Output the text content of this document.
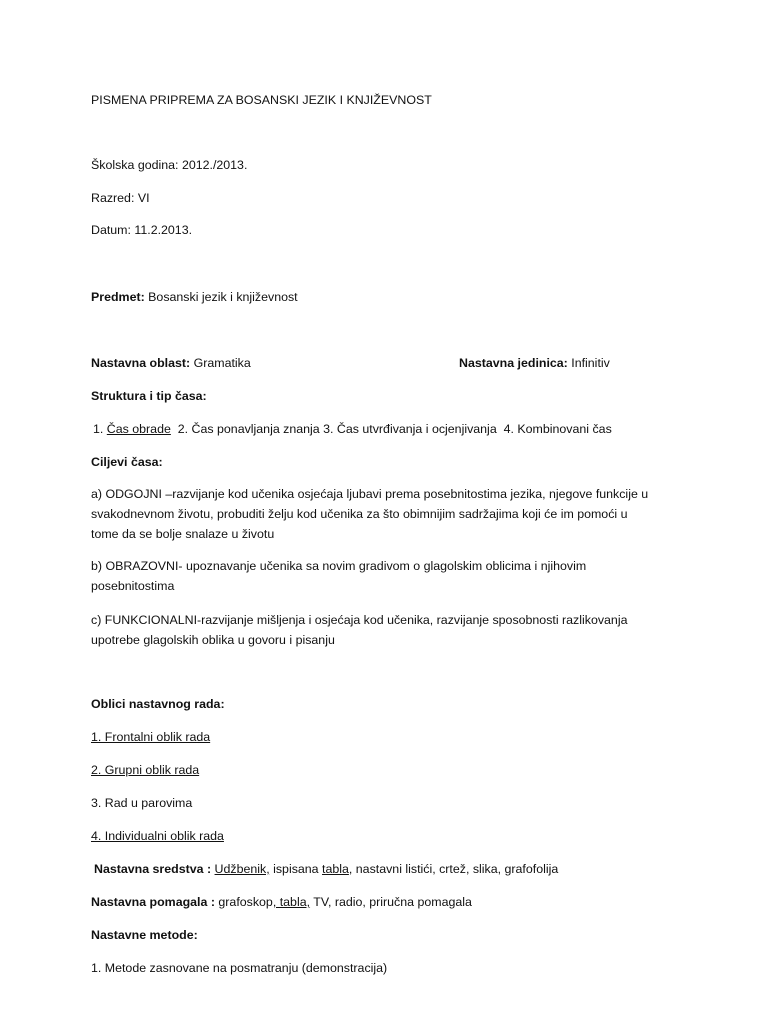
PISMENA PRIPREMA ZA BOSANSKI JEZIK I KNJIŽEVNOST
Školska godina: 2012./2013.
Razred: VI
Datum: 11.2.2013.
Predmet: Bosanski jezik i književnost
Nastavna oblast: Gramatika	Nastavna jedinica: Infinitiv
Struktura i tip časa:
1. Čas obrade 2. Čas ponavljanja znanja 3. Čas utvrđivanja i ocjenjivanja 4. Kombinovani čas
Ciljevi časa:
a) ODGOJNI –razvijanje kod učenika osjećaja ljubavi prema posebnitostima jezika, njegove funkcije u
svakodnevnom životu, probuditi želju kod učenika za što obimnijim sadržajima koji će im pomoći u
tome da se bolje snalaze u životu
b) OBRAZOVNI- upoznavanje učenika sa novim gradivom o glagolskim oblicima i njihovim
posebnitostima
c) FUNKCIONALNI-razvijanje mišljenja i osjećaja kod učenika, razvijanje sposobnosti razlikovanja
upotrebe glagolskih oblika u govoru i pisanju
Oblici nastavnog rada:
1. Frontalni oblik rada
2. Grupni oblik rada
3. Rad u parovima
4. Individualni oblik rada
Nastavna sredstva : Udžbenik, ispisana tabla, nastavni listići, crtež, slika, grafofolija
Nastavna pomagala : grafoskop, tabla, TV, radio, priručna pomagala
Nastavne metode:
1. Metode zasnovane na posmatranju (demonstracija)
